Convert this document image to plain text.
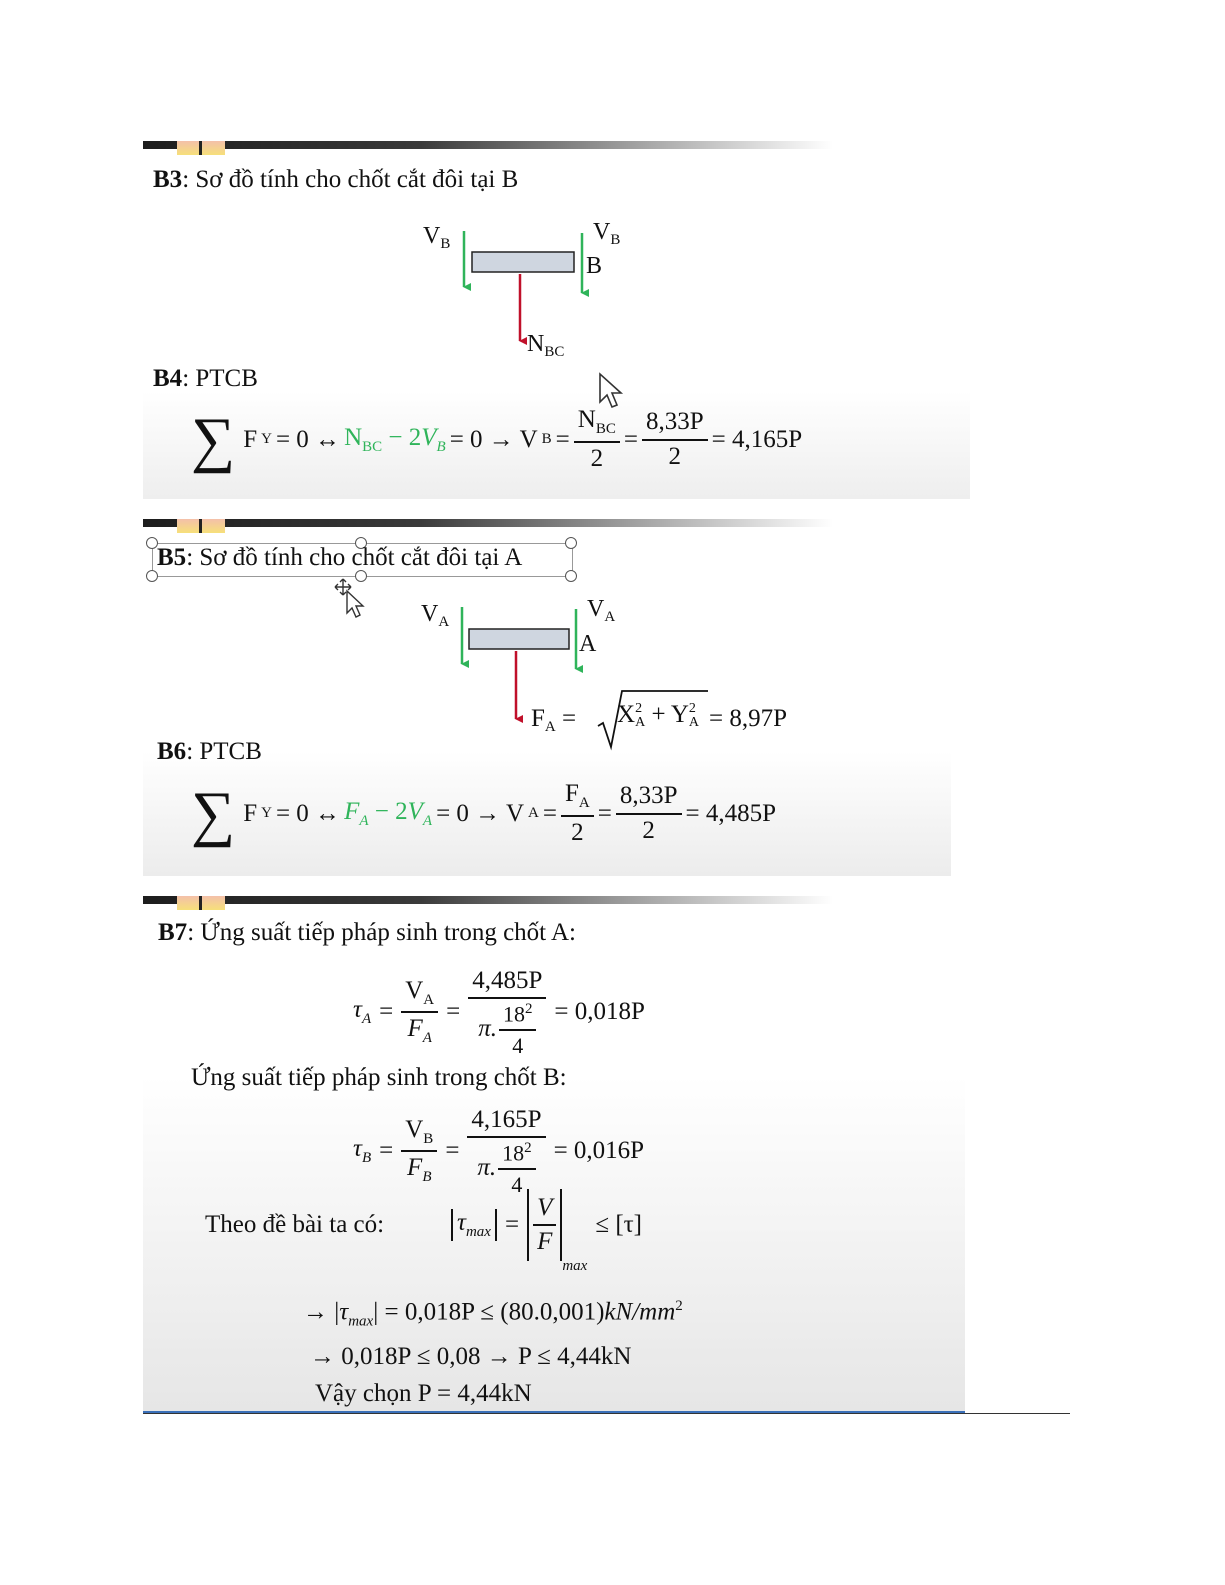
B3: Sơ đồ tính cho chốt cắt đôi tại B
$V_B$	$V_B$
B
$N_{BC}$
B4: PTCB
∑ F Y = 0 ↔ $N_{BC} - 2V_B = 0 \to V$ $B = \frac{N_{BC}}{2} = \frac{8,33P}{2} = 4,165P$
B5: Sơ đồ tính cho chốt cắt đôi tại A
$V_A$	$V_A$
A
$F_A = X$ 2
A + Y 2
A = 8,97P
B6: PTCB
∑ F Y = 0 ↔ $F_A - 2V_A = 0 \to V$ $A = \frac{F_A}{2} = \frac{8,33P}{2} = 4,485P$
B7: Ứng suất tiếp pháp sinh trong chốt A:
$\tau_A = \frac{V_A}{F_A} = \frac{4,485P}{\pi. \frac{18^2}{4}} = 0,018P$
Ứng suất tiếp pháp sinh trong chốt B:
$\tau_B = \frac{V_B}{F_B} = \frac{4,165P}{\pi. \frac{18^2}{4}} = 0,016P$
Theo đề bài ta có:	$\tau_{max} = \frac{V}{F}$
$_{max}$
≤ [τ]
→ $|\tau_{max}| = 0,018P \le (80.0,001)kN/mm^2$
→ 0,018P ≤ 0,08 → P ≤ 4,44kN
Vậy chọn P = 4,44kN
